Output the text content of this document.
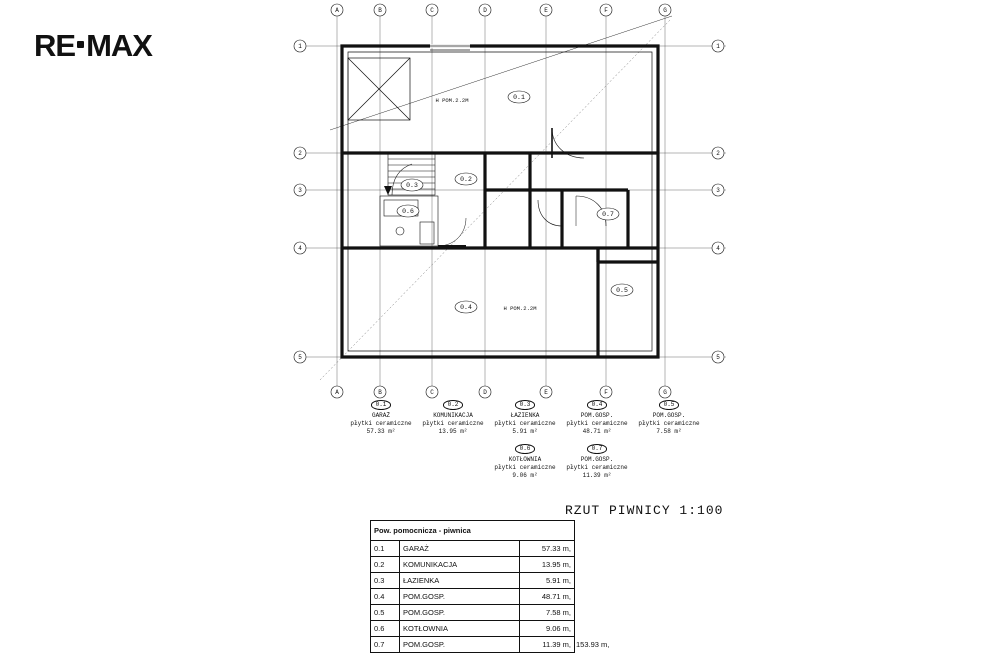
RE MAX	1
2
3
4
5
1
2
3
4
5
A	B	C	D	E	F	G
A	B	C	D	E	F	G
0.1
0.2
0.3
0.4
0.5
0.6	0.7
H POM.2.2M
H POM.2.2M
0.1
GARAŻ
płytki ceramiczne
57.33 m²
0.2
KOMUNIKACJA
płytki ceramiczne
13.95 m²
0.3
ŁAZIENKA
płytki ceramiczne
5.91 m²
0.4
POM.GOSP.
płytki ceramiczne
48.71 m²
0.5
POM.GOSP.
płytki ceramiczne
7.58 m²
0.6
KOTŁOWNIA
płytki ceramiczne
9.06 m²
0.7
POM.GOSP.
płytki ceramiczne
11.39 m²
RZUT PIWNICY 1:100
Pow. pomocnicza - piwnica		
0.1	GARAŻ	57.33 m,
0.2	KOMUNIKACJA	13.95 m,
0.3	ŁAZIENKA	5.91 m,
0.4	POM.GOSP.	48.71 m,
0.5	POM.GOSP.	7.58 m,
0.6	KOTŁOWNIA	9.06 m,
0.7	POM.GOSP.	11.39 m, 153.93 m,
